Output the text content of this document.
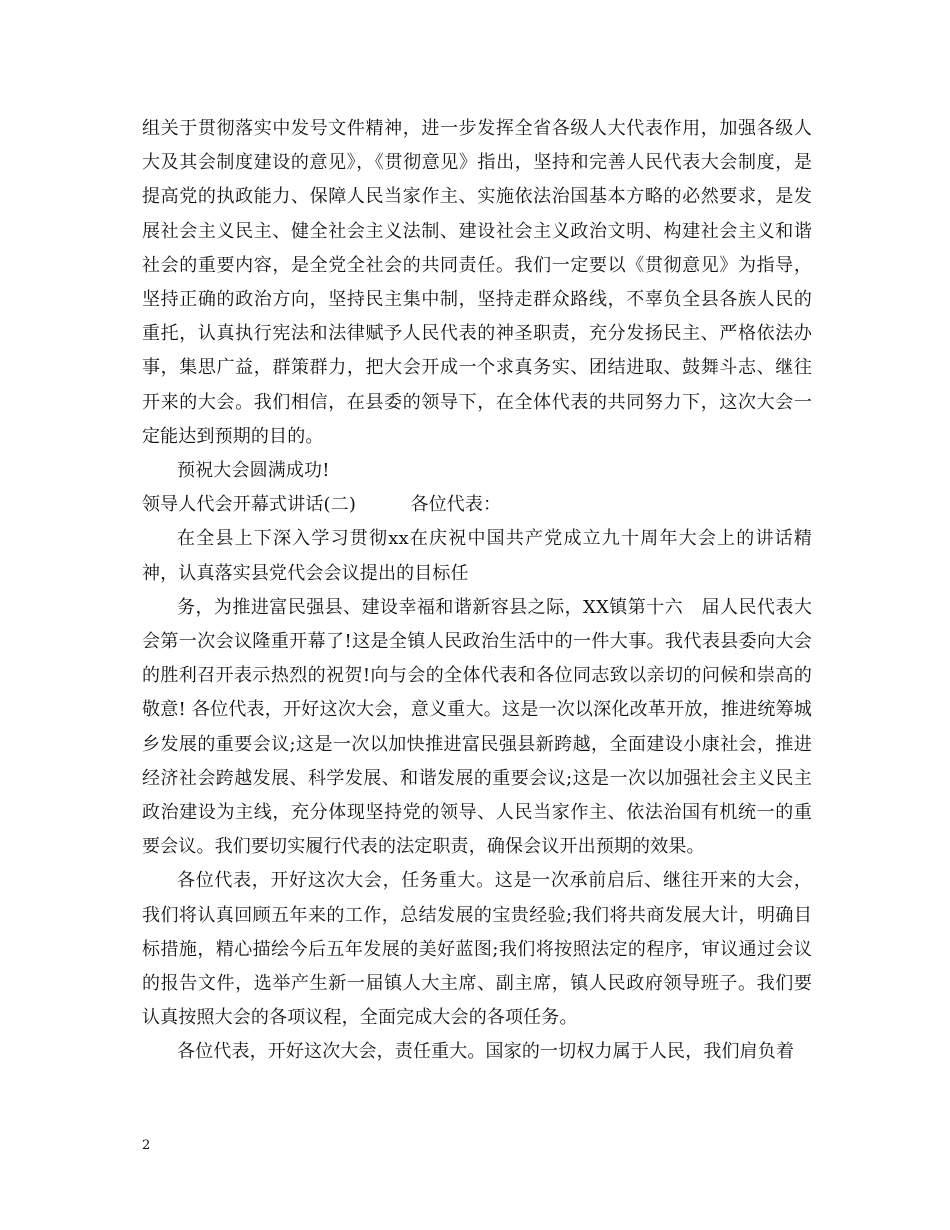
组关于贯彻落实中发号文件精神，进一步发挥全省各级人大代表作用，加强各级人大及其会制度建设的意见》，《贯彻意见》指出，坚持和完善人民代表大会制度，是提高党的执政能力、保障人民当家作主、实施依法治国基本方略的必然要求，是发展社会主义民主、健全社会主义法制、建设社会主义政治文明、构建社会主义和谐社会的重要内容，是全党全社会的共同责任。我们一定要以《贯彻意见》为指导，坚持正确的政治方向，坚持民主集中制，坚持走群众路线，不辜负全县各族人民的重托，认真执行宪法和法律赋予人民代表的神圣职责，充分发扬民主、严格依法办事，集思广益，群策群力，把大会开成一个求真务实、团结进取、鼓舞斗志、继往开来的大会。我们相信，在县委的领导下，在全体代表的共同努力下，这次大会一定能达到预期的目的。

预祝大会圆满成功!

领导人代会开幕式讲话(二)　　　各位代表：

在全县上下深入学习贯彻xx在庆祝中国共产党成立九十周年大会上的讲话精神，认真落实县党代会会议提出的目标任

务，为推进富民强县、建设幸福和谐新容县之际，XX镇第十六　届人民代表大会第一次会议隆重开幕了!这是全镇人民政治生活中的一件大事。我代表县委向大会的胜利召开表示热烈的祝贺!向与会的全体代表和各位同志致以亲切的问候和崇高的敬意! 各位代表，开好这次大会，意义重大。这是一次以深化改革开放，推进统筹城乡发展的重要会议;这是一次以加快推进富民强县新跨越，全面建设小康社会，推进经济社会跨越发展、科学发展、和谐发展的重要会议;这是一次以加强社会主义民主政治建设为主线，充分体现坚持党的领导、人民当家作主、依法治国有机统一的重要会议。我们要切实履行代表的法定职责，确保会议开出预期的效果。

各位代表，开好这次大会，任务重大。这是一次承前启后、继往开来的大会，我们将认真回顾五年来的工作，总结发展的宝贵经验;我们将共商发展大计，明确目标措施，精心描绘今后五年发展的美好蓝图;我们将按照法定的程序，审议通过会议的报告文件，选举产生新一届镇人大主席、副主席，镇人民政府领导班子。我们要认真按照大会的各项议程，全面完成大会的各项任务。

各位代表，开好这次大会，责任重大。国家的一切权力属于人民，我们肩负着

2
